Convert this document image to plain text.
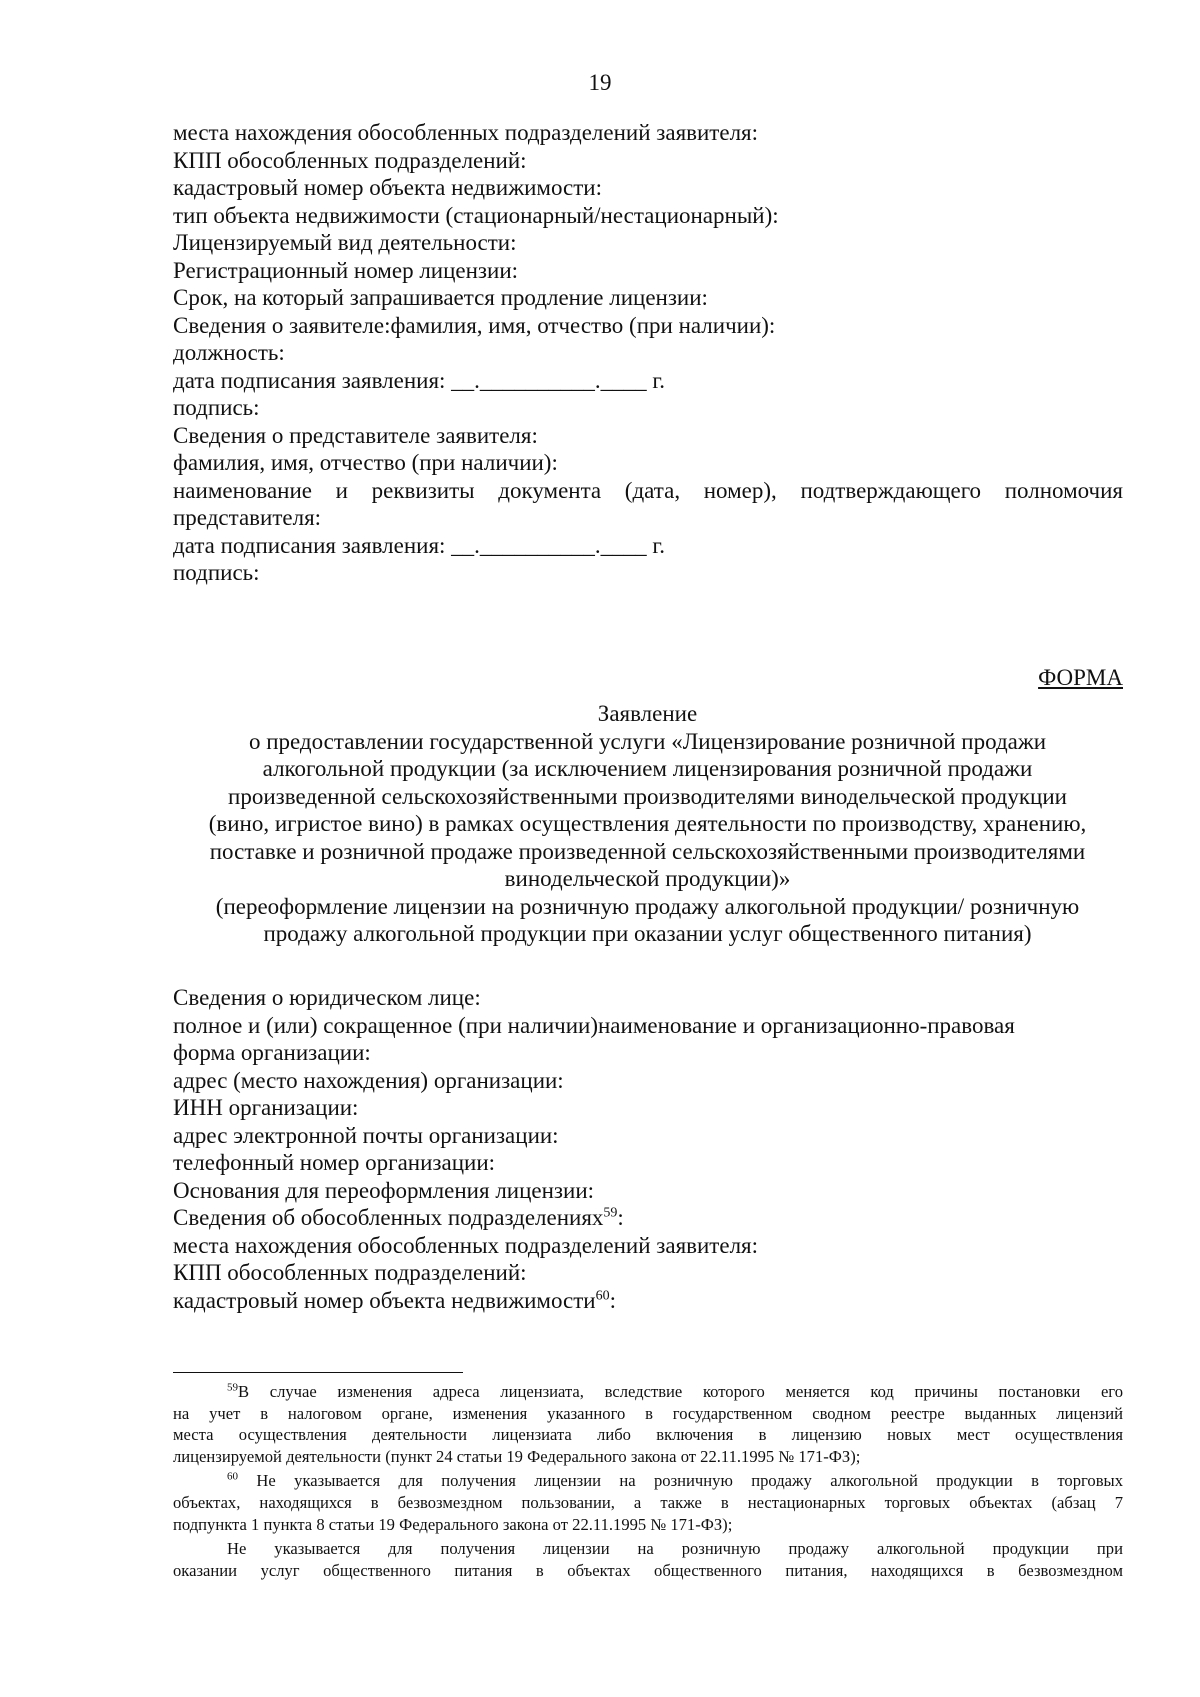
19
места нахождения обособленных подразделений заявителя:
КПП обособленных подразделений:
кадастровый номер объекта недвижимости:
тип объекта недвижимости (стационарный/нестационарный):
Лицензируемый вид деятельности:
Регистрационный номер лицензии:
Срок, на который запрашивается продление лицензии:
Сведения о заявителе:фамилия, имя, отчество (при наличии):
должность:
дата подписания заявления: __.__________.____ г.
подпись:
Сведения о представителе заявителя:
фамилия, имя, отчество (при наличии):
наименование и реквизиты документа (дата, номер), подтверждающего полномочия
представителя:
дата подписания заявления: __.__________.____ г.
подпись:
ФОРМА
Заявление
о предоставлении государственной услуги «Лицензирование розничной продажи
алкогольной продукции (за исключением лицензирования розничной продажи
произведенной сельскохозяйственными производителями винодельческой продукции
(вино, игристое вино) в рамках осуществления деятельности по производству, хранению,
поставке и розничной продаже произведенной сельскохозяйственными производителями
винодельческой продукции)»
(переоформление лицензии на розничную продажу алкогольной продукции/ розничную
продажу алкогольной продукции при оказании услуг общественного питания)
Сведения о юридическом лице:
полное и (или) сокращенное (при наличии)наименование и организационно-правовая
форма организации:
адрес (место нахождения) организации:
ИНН организации:
адрес электронной почты организации:
телефонный номер организации:
Основания для переоформления лицензии:
Сведения об обособленных подразделениях$^{59}$:
места нахождения обособленных подразделений заявителя:
КПП обособленных подразделений:
кадастровый номер объекта недвижимости$^{60}$:
$^{59}$В случае изменения адреса лицензиата, вследствие которого меняется код причины постановки его
на учет в налоговом органе, изменения указанного в государственном сводном реестре выданных лицензий
места осуществления деятельности лицензиата либо включения в лицензию новых мест осуществления
лицензируемой деятельности (пункт 24 статьи 19 Федерального закона от 22.11.1995 № 171-ФЗ);
$^{60}$ Не указывается для получения лицензии на розничную продажу алкогольной продукции в торговых
объектах, находящихся в безвозмездном пользовании, а также в нестационарных торговых объектах (абзац 7
подпункта 1 пункта 8 статьи 19 Федерального закона от 22.11.1995 № 171-ФЗ);
Не указывается для получения лицензии на розничную продажу алкогольной продукции при
оказании услуг общественного питания в объектах общественного питания, находящихся в безвозмездном
